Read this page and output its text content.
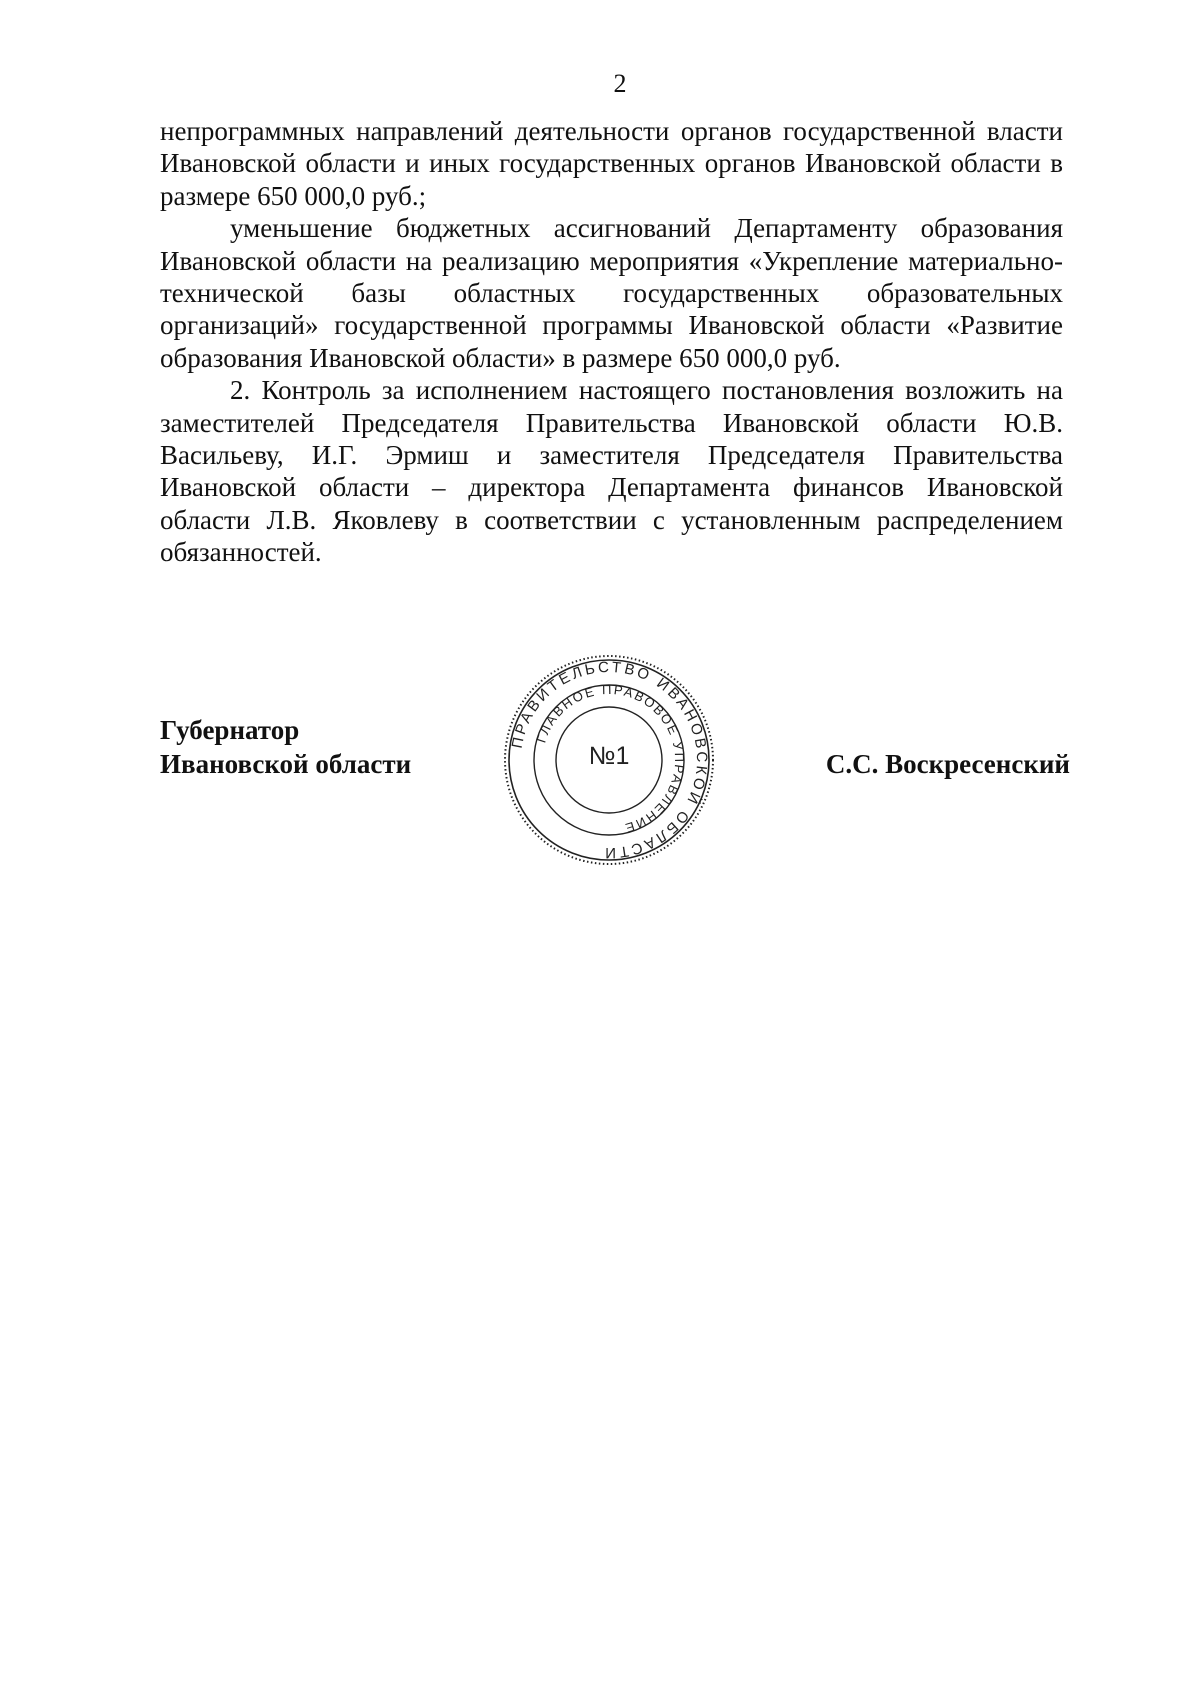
2

непрограммных направлений деятельности органов государственной власти Ивановской области и иных государственных органов Ивановской области в размере 650 000,0 руб.;

уменьшение бюджетных ассигнований Департаменту образования Ивановской области на реализацию мероприятия «Укрепление материально-технической базы областных государственных образовательных организаций» государственной программы Ивановской области «Развитие образования Ивановской области» в размере 650 000,0 руб.

2. Контроль за исполнением настоящего постановления возложить на заместителей Председателя Правительства Ивановской области Ю.В. Васильеву, И.Г. Эрмиш и заместителя Председателя Правительства Ивановской области – директора Департамента финансов Ивановской области Л.В. Яковлеву в соответствии с установленным распределением обязанностей.

Губернатор
Ивановской области
ПРАВИТЕЛЬСТВО ИВАНОВСКОЙ ОБЛАСТИ
ГЛАВНОЕ ПРАВОВОЕ УПРАВЛЕНИЕ
№1	С.С. Воскресенский
